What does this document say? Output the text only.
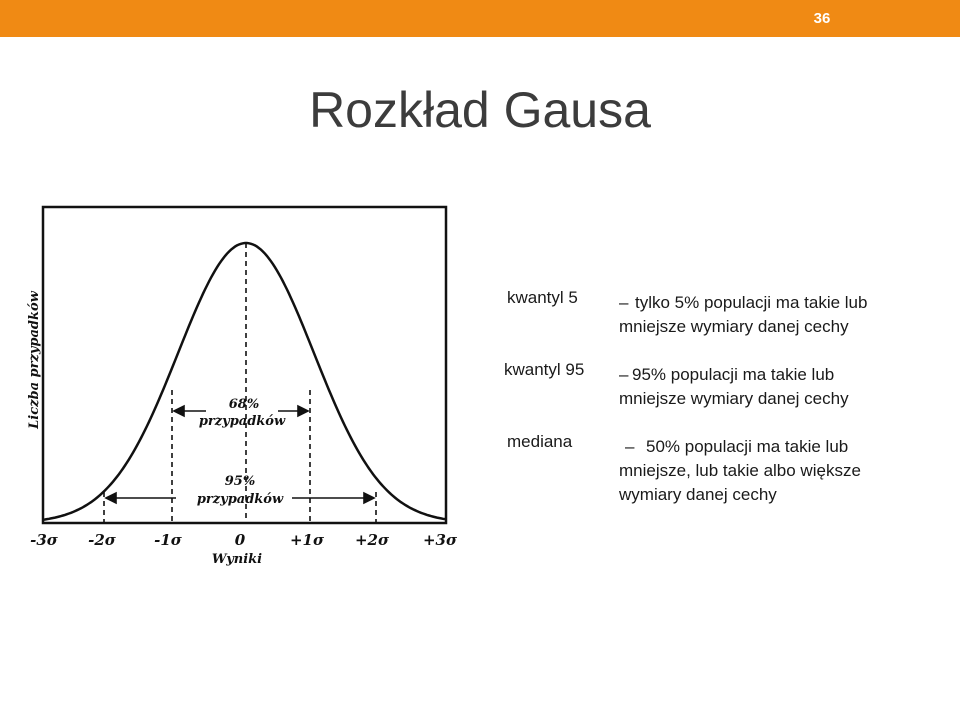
36
Rozkład Gausa
68%
przypadków
95%
przypadków
-3σ -2σ	-1σ	0	+1σ +2σ +3σ
Wyniki
Liczba przypadków	kwantyl 5 – tylko 5% populacji ma takie lub
mniejsze wymiary danej cechy
kwantyl 95 – 95% populacji ma takie lub
mniejsze wymiary danej cechy
mediana	– 50% populacji ma takie lub
mniejsze, lub takie albo większe
wymiary danej cechy
